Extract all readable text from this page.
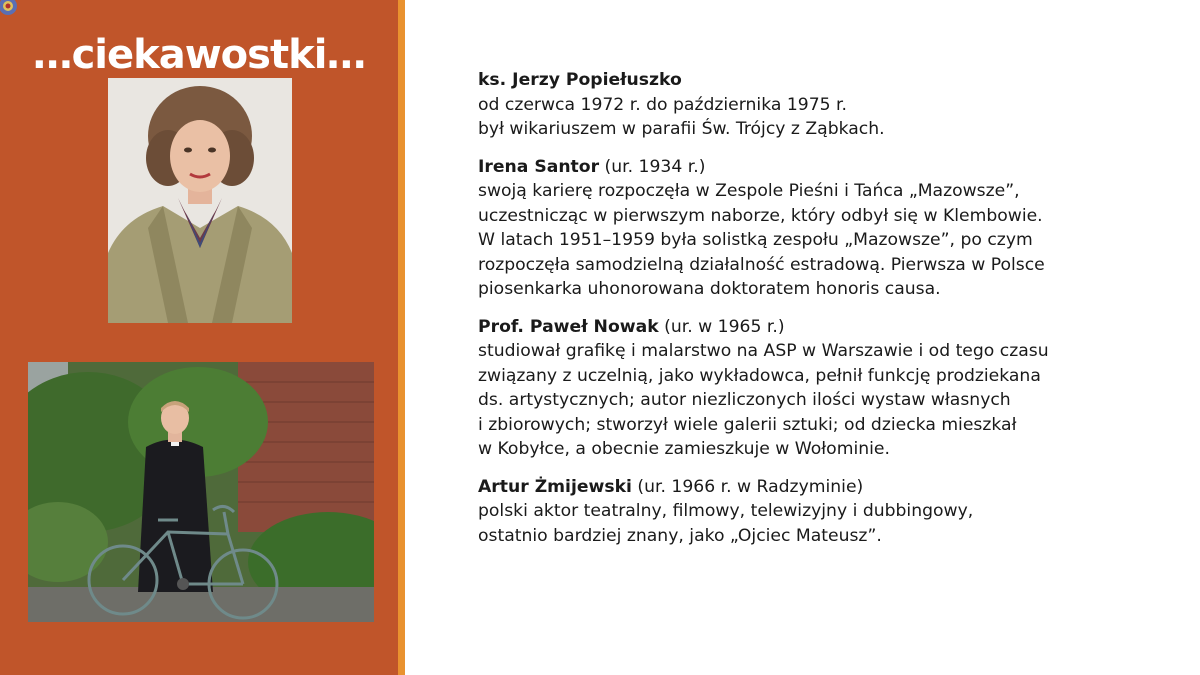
…ciekawostki…
Irena Santor (ur. w 1934 r.)
Artur Żmijewski (ur. w 1966 r.)
ks. Jerzy Popiełuszko
od czerwca 1972 r. do października 1975 r.
był wikariuszem w parafii Św. Trójcy z Ząbkach.
Irena Santor (ur. 1934 r.)
swoją karierę rozpoczęła w Zespole Pieśni i Tańca „Mazowsze”,
uczestnicząc w pierwszym naborze, który odbył się w Klembowie.
W latach 1951–1959 była solistką zespołu „Mazowsze”, po czym
rozpoczęła samodzielną działalność estradową. Pierwsza w Polsce
piosenkarka uhonorowana doktoratem honoris causa.
Prof. Paweł Nowak (ur. w 1965 r.)
studiował grafikę i malarstwo na ASP w Warszawie i od tego czasu
związany z uczelnią, jako wykładowca, pełnił funkcję prodziekana
ds. artystycznych; autor niezliczonych ilości wystaw własnych
i zbiorowych; stworzył wiele galerii sztuki; od dziecka mieszkał
w Kobyłce, a obecnie zamieszkuje w Wołominie.
Artur Żmijewski (ur. 1966 r. w Radzyminie)
polski aktor teatralny, filmowy, telewizyjny i dubbingowy,
ostatnio bardziej znany, jako „Ojciec Mateusz”.
